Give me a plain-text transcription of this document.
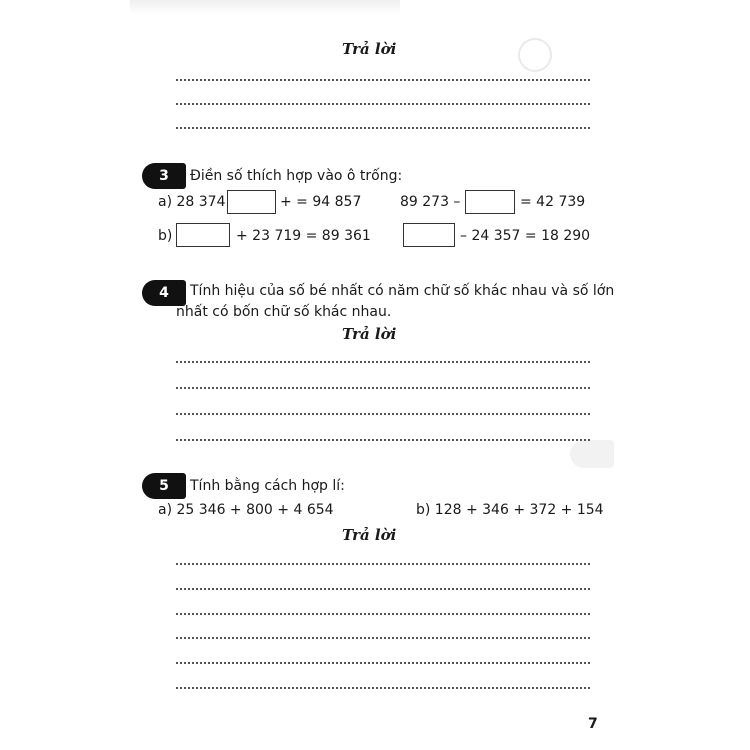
Trả lời
3	Điền số thích hợp vào ô trống:
a) 28 374	+ = 94 857	89 273 –	= 42 739
b)	+ 23 719 = 89 361	– 24 357 = 18 290
4	Tính hiệu của số bé nhất có năm chữ số khác nhau và số lớn
nhất có bốn chữ số khác nhau.
Trả lời
5	Tính bằng cách hợp lí:
a) 25 346 + 800 + 4 654	b) 128 + 346 + 372 + 154
Trả lời
7
